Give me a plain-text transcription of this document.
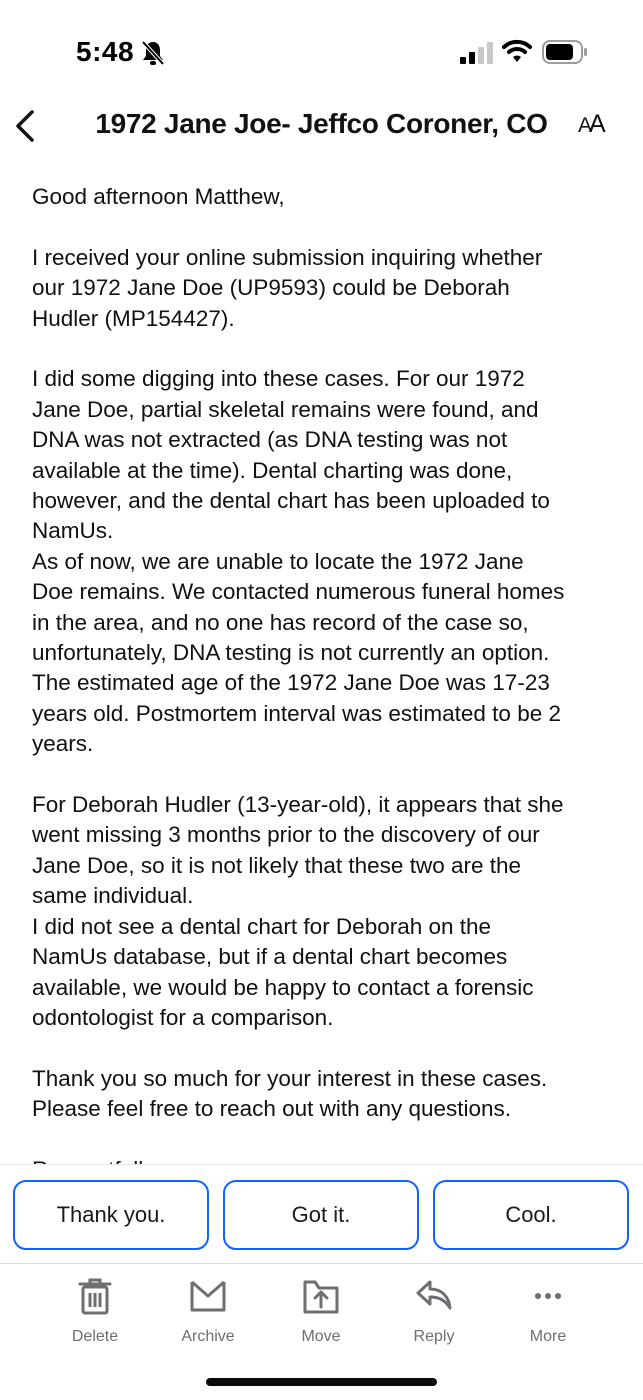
5:48
1972 Jane Joe- Jeffco Coroner, CO	AA

Good afternoon Matthew,

I received your online submission inquiring whether
our 1972 Jane Doe (UP9593) could be Deborah
Hudler (MP154427).

I did some digging into these cases. For our 1972
Jane Doe, partial skeletal remains were found, and
DNA was not extracted (as DNA testing was not
available at the time). Dental charting was done,
however, and the dental chart has been uploaded to
NamUs.
As of now, we are unable to locate the 1972 Jane
Doe remains. We contacted numerous funeral homes
in the area, and no one has record of the case so,
unfortunately, DNA testing is not currently an option.
The estimated age of the 1972 Jane Doe was 17-23
years old. Postmortem interval was estimated to be 2
years.

For Deborah Hudler (13-year-old), it appears that she
went missing 3 months prior to the discovery of our
Jane Doe, so it is not likely that these two are the
same individual.
I did not see a dental chart for Deborah on the
NamUs database, but if a dental chart becomes
available, we would be happy to contact a forensic
odontologist for a comparison.

Thank you so much for your interest in these cases.
Please feel free to reach out with any questions.

Thank you.	Got it.	Cool.
Delete	Archive	Move	Reply	More
